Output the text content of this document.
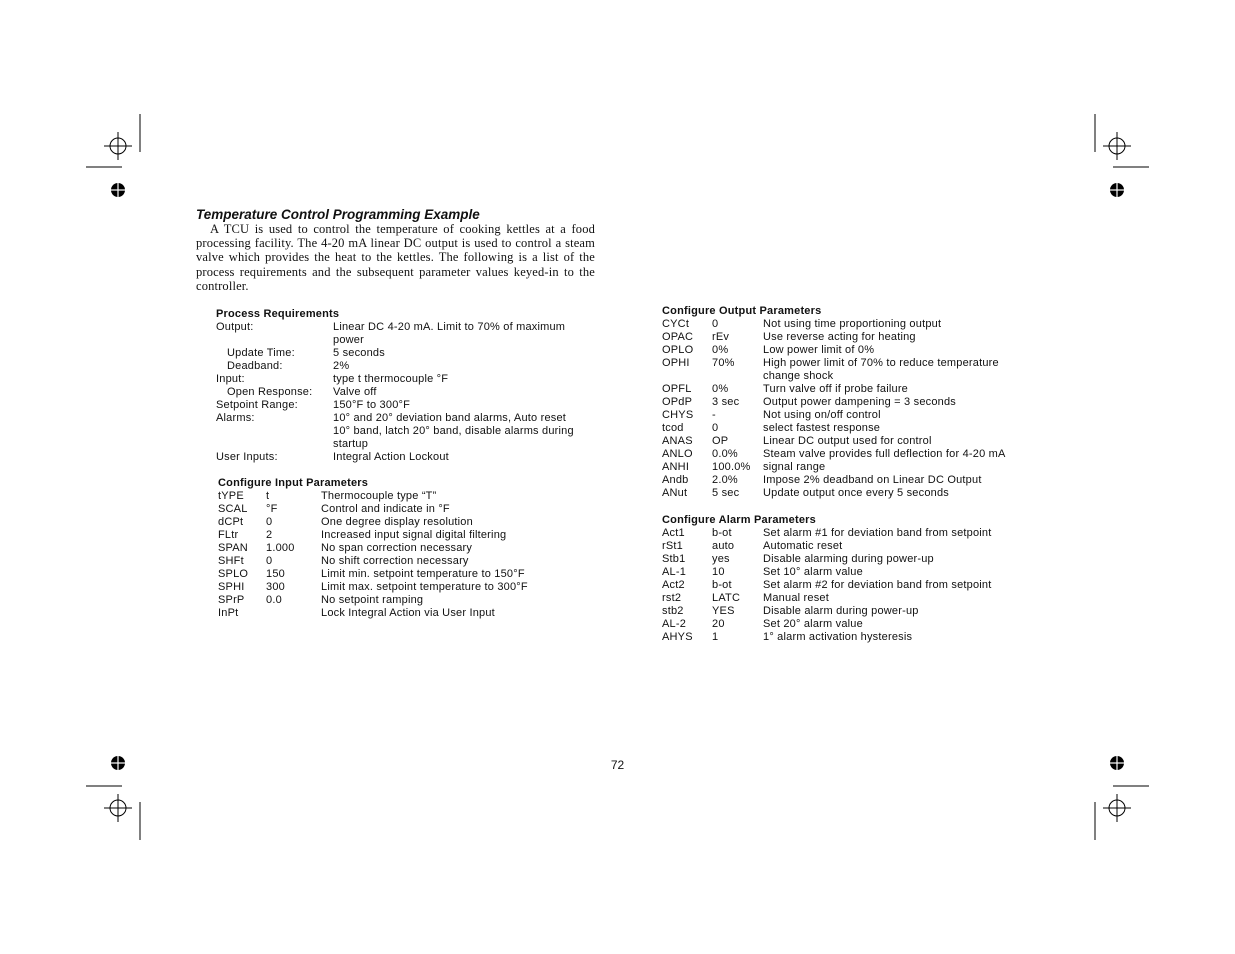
Temperature Control Programming Example

A TCU is used to control the temperature of cooking kettles at a food processing facility. The 4-20 mA linear DC output is used to control a steam valve which provides the heat to the kettles. The following is a list of the process requirements and the subsequent parameter values keyed-in to the controller.

Process Requirements
Output:	Linear DC 4-20 mA. Limit to 70% of maximum
	power
Update Time:	5 seconds
Deadband:	2%
Input:	type t thermocouple °F
Open Response:	Valve off
Setpoint Range:	150°F to 300°F
Alarms:	10° and 20° deviation band alarms, Auto reset
	10° band, latch 20° band, disable alarms during
	startup
User Inputs:	Integral Action Lockout
Configure Input Parameters
tYPE	t	Thermocouple type “T”
SCAL	°F	Control and indicate in °F
dCPt	0	One degree display resolution
FLtr	2	Increased input signal digital filtering
SPAN	1.000	No span correction necessary
SHFt	0	No shift correction necessary
SPLO	150	Limit min. setpoint temperature to 150°F
SPHI	300	Limit max. setpoint temperature to 300°F
SPrP	0.0	No setpoint ramping
InPt		Lock Integral Action via User Input
Configure Output Parameters
CYCt	0	Not using time proportioning output
OPAC	rEv	Use reverse acting for heating
OPLO	0%	Low power limit of 0%
OPHI	70%	High power limit of 70% to reduce temperature
		change shock
OPFL	0%	Turn valve off if probe failure
OPdP	3 sec	Output power dampening = 3 seconds
CHYS	-	Not using on/off control
tcod	0	select fastest response
ANAS	OP	Linear DC output used for control
ANLO	0.0%	Steam valve provides full deflection for 4-20 mA
ANHI	100.0%	signal range
Andb	2.0%	Impose 2% deadband on Linear DC Output
ANut	5 sec	Update output once every 5 seconds
Configure Alarm Parameters
Act1	b-ot	Set alarm #1 for deviation band from setpoint
rSt1	auto	Automatic reset
Stb1	yes	Disable alarming during power-up
AL-1	10	Set 10° alarm value
Act2	b-ot	Set alarm #2 for deviation band from setpoint
rst2	LATC	Manual reset
stb2	YES	Disable alarm during power-up
AL-2	20	Set 20° alarm value
AHYS	1	1° alarm activation hysteresis
72
